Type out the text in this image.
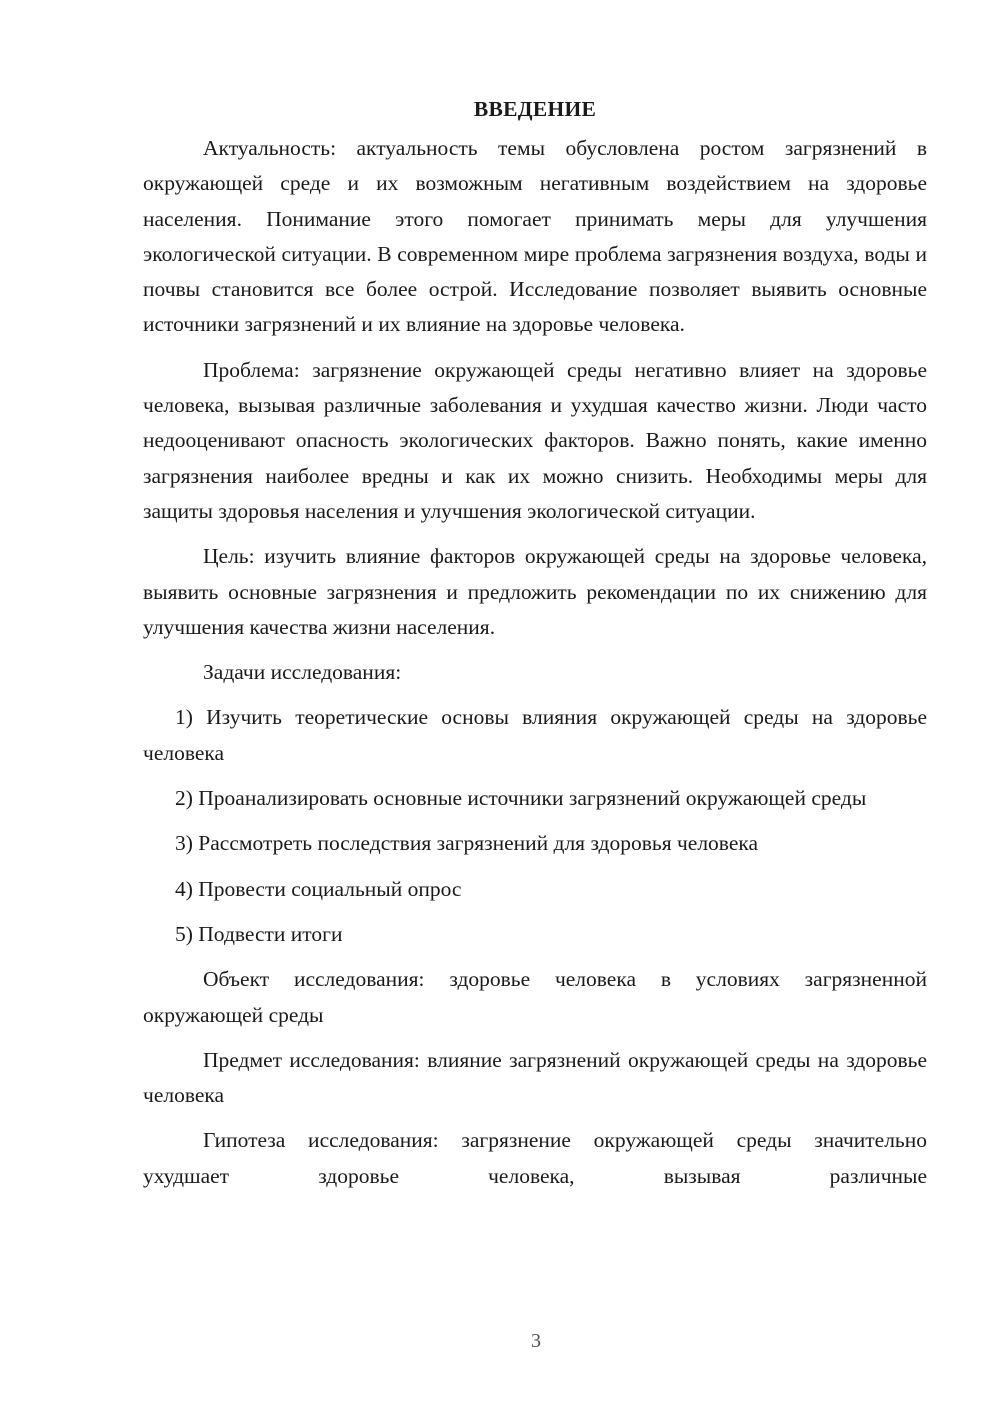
ВВЕДЕНИЕ

Актуальность: актуальность темы обусловлена ростом загрязнений в окружающей среде и их возможным негативным воздействием на здоровье населения. Понимание этого помогает принимать меры для улучшения экологической ситуации. В современном мире проблема загрязнения воздуха, воды и почвы становится все более острой. Исследование позволяет выявить основные источники загрязнений и их влияние на здоровье человека.

Проблема: загрязнение окружающей среды негативно влияет на здоровье человека, вызывая различные заболевания и ухудшая качество жизни. Люди часто недооценивают опасность экологических факторов. Важно понять, какие именно загрязнения наиболее вредны и как их можно снизить. Необходимы меры для защиты здоровья населения и улучшения экологической ситуации.

Цель: изучить влияние факторов окружающей среды на здоровье человека, выявить основные загрязнения и предложить рекомендации по их снижению для улучшения качества жизни населения.

Задачи исследования:

1) Изучить теоретические основы влияния окружающей среды на здоровье человека

2) Проанализировать основные источники загрязнений окружающей среды

3) Рассмотреть последствия загрязнений для здоровья человека

4) Провести социальный опрос

5) Подвести итоги

Объект исследования: здоровье человека в условиях загрязненной окружающей среды

Предмет исследования: влияние загрязнений окружающей среды на здоровье человека

Гипотеза исследования: загрязнение окружающей среды значительно ухудшает здоровье человека, вызывая различные

3
